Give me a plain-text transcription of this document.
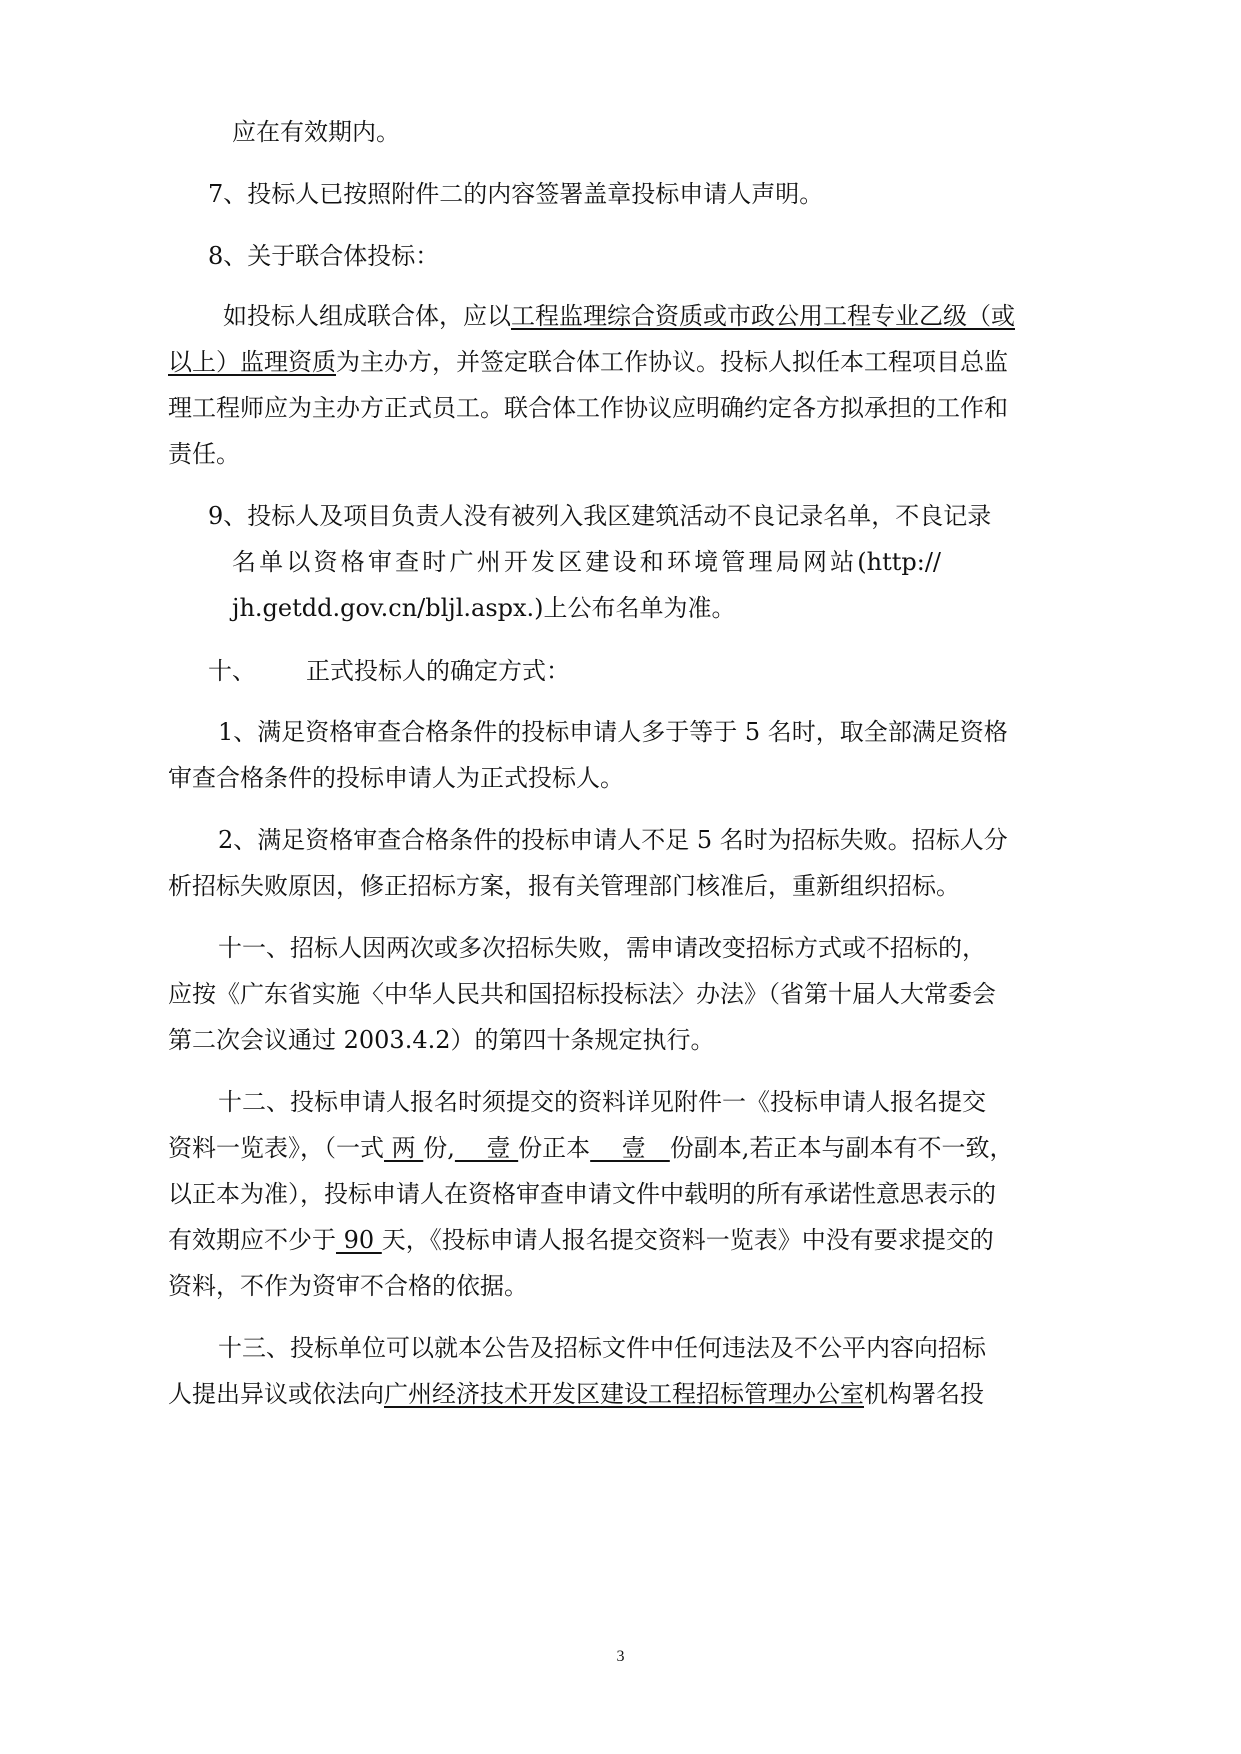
应在有效期内。
7、投标人已按照附件二的内容签署盖章投标申请人声明。
8、关于联合体投标：
如投标人组成联合体，应以工程监理综合资质或市政公用工程专业乙级（或
以上）监理资质为主办方，并签定联合体工作协议。投标人拟任本工程项目总监
理工程师应为主办方正式员工。联合体工作协议应明确约定各方拟承担的工作和
责任。
9、投标人及项目负责人没有被列入我区建筑活动不良记录名单，不良记录
名单以资格审查时广州开发区建设和环境管理局网站(http://
jh.getdd.gov.cn/bljl.aspx.)上公布名单为准。
十、 正式投标人的确定方式：
1、满足资格审查合格条件的投标申请人多于等于 5 名时，取全部满足资格
审查合格条件的投标申请人为正式投标人。
2、满足资格审查合格条件的投标申请人不足 5 名时为招标失败。招标人分
析招标失败原因，修正招标方案，报有关管理部门核准后，重新组织招标。
十一、招标人因两次或多次招标失败，需申请改变招标方式或不招标的，
应按《广东省实施〈中华人民共和国招标投标法〉办法》（省第十届人大常委会
第二次会议通过 2003.4.2）的第四十条规定执行。
十二、投标申请人报名时须提交的资料详见附件一《投标申请人报名提交
资料一览表》，（一式 两 份,　 壹 份正本　 壹　份副本,若正本与副本有不一致，
以正本为准），投标申请人在资格审查申请文件中载明的所有承诺性意思表示的
有效期应不少于 90 天，《投标申请人报名提交资料一览表》中没有要求提交的
资料，不作为资审不合格的依据。
十三、投标单位可以就本公告及招标文件中任何违法及不公平内容向招标
人提出异议或依法向广州经济技术开发区建设工程招标管理办公室机构署名投
3
